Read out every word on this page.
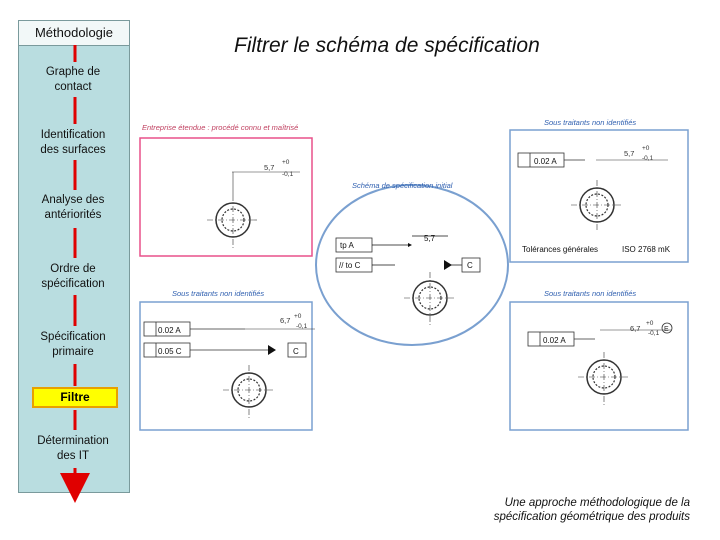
Méthodologie
Graphe de
contact
Identification
des surfaces
Analyse des
antériorités
Ordre de
spécification
Spécification
primaire
Filtre
Détermination
des IT
Filtrer le schéma de spécification
Une approche méthodologique de la spécification géométrique des produits
Schéma de spécification initial
tp A
// to C
5,7
C
Entreprise étendue : procédé connu et maîtrisé
5,7
+0
-0,1
Sous traitants non identifiés
0.02 A
5,7
+0
-0,1
Tolérances générales	ISO 2768 mK
Sous traitants non identifiés
0.02 A
0.05 C
6,7 +0
-0,1
C
Sous traitants non identifiés
0.02 A
6,7
+0
-0,1
E
